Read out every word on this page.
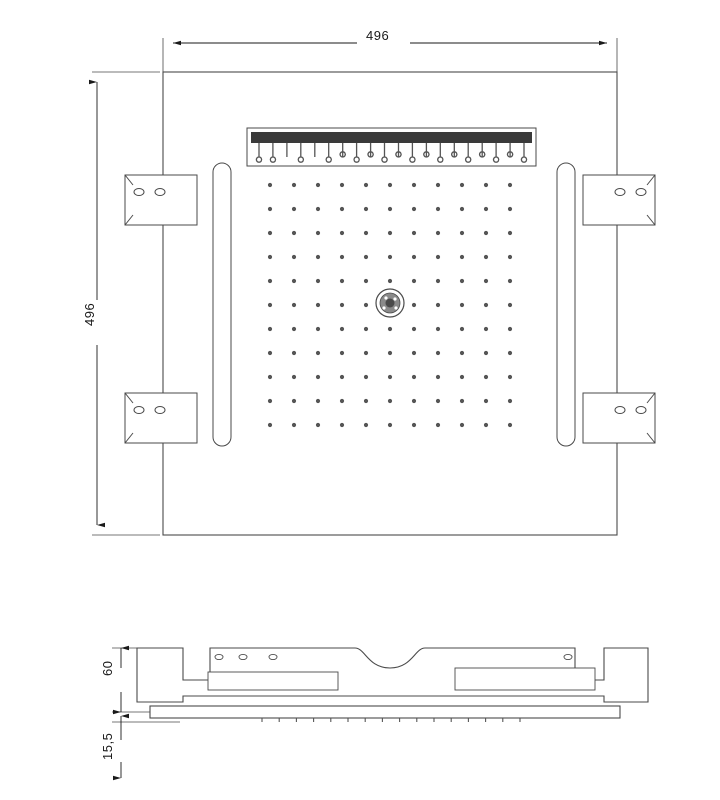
496
496
60
15,5
